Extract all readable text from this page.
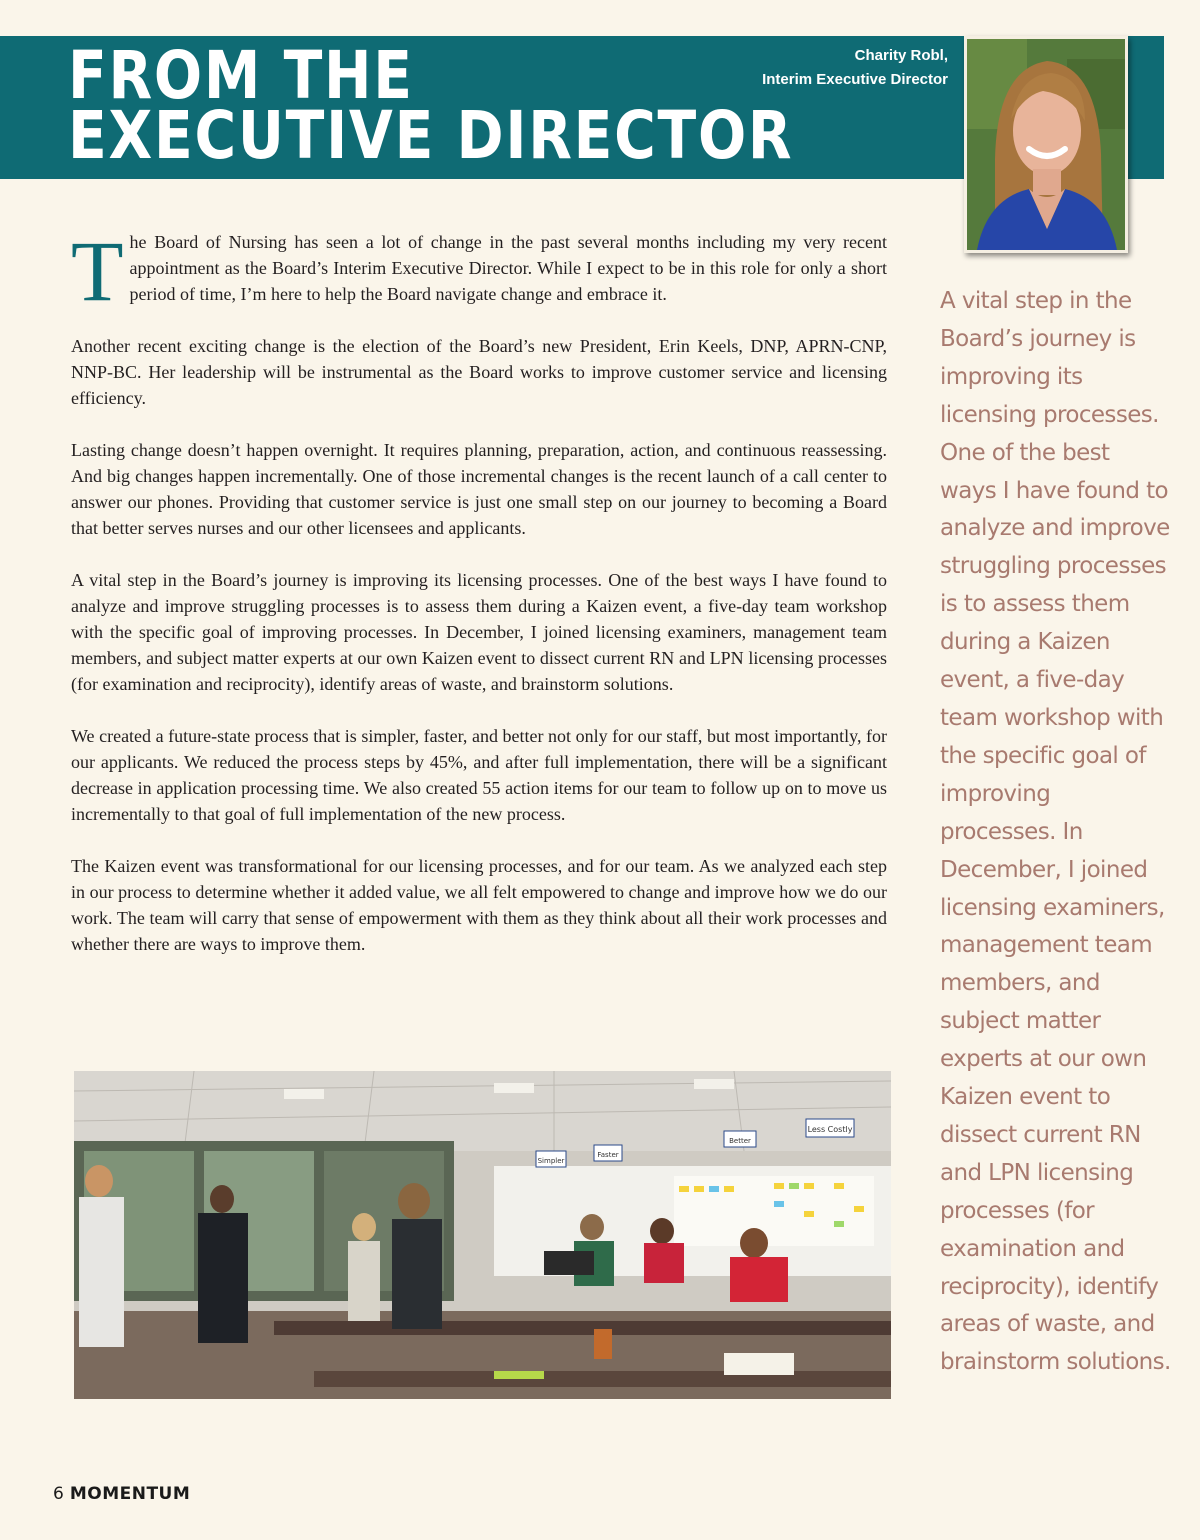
FROM THE
EXECUTIVE DIRECTOR
Charity Robl,
Interim Executive Director

The Board of Nursing has seen a lot of change in the past several months including my very recent appointment as the Board’s Interim Executive Director. While I expect to be in this role for only a short period of time, I’m here to help the Board navigate change and embrace it.

Another recent exciting change is the election of the Board’s new President, Erin Keels, DNP, APRN-CNP, NNP-BC. Her leadership will be instrumental as the Board works to improve customer service and licensing efficiency.

Lasting change doesn’t happen overnight. It requires planning, preparation, action, and continuous reassessing. And big changes happen incrementally. One of those incremental changes is the recent launch of a call center to answer our phones. Providing that customer service is just one small step on our journey to becoming a Board that better serves nurses and our other licensees and applicants.

A vital step in the Board’s journey is improving its licensing processes. One of the best ways I have found to analyze and improve struggling processes is to assess them during a Kaizen event, a five-day team workshop with the specific goal of improving processes. In December, I joined licensing examiners, management team members, and subject matter experts at our own Kaizen event to dissect current RN and LPN licensing processes (for examination and reciprocity), identify areas of waste, and brainstorm solutions.

We created a future-state process that is simpler, faster, and better not only for our staff, but most importantly, for our applicants. We reduced the process steps by 45%, and after full implementation, there will be a significant decrease in application processing time. We also created 55 action items for our team to follow up on to move us incrementally to that goal of full implementation of the new process.

The Kaizen event was transformational for our licensing processes, and for our team. As we analyzed each step in our process to determine whether it added value, we all felt empowered to change and improve how we do our work. The team will carry that sense of empowerment with them as they think about all their work processes and whether there are ways to improve them.

A vital step in the Board’s journey is improving its licensing processes. One of the best ways I have found to analyze and improve struggling processes is to assess them during a Kaizen event, a five-day team workshop with the specific goal of improving processes. In December, I joined licensing examiners, management team members, and subject matter experts at our own Kaizen event to dissect current RN and LPN licensing processes (for examination and reciprocity), identify areas of waste, and brainstorm solutions.
Simpler
Faster
Better
Less Costly
6 MOMENTUM
